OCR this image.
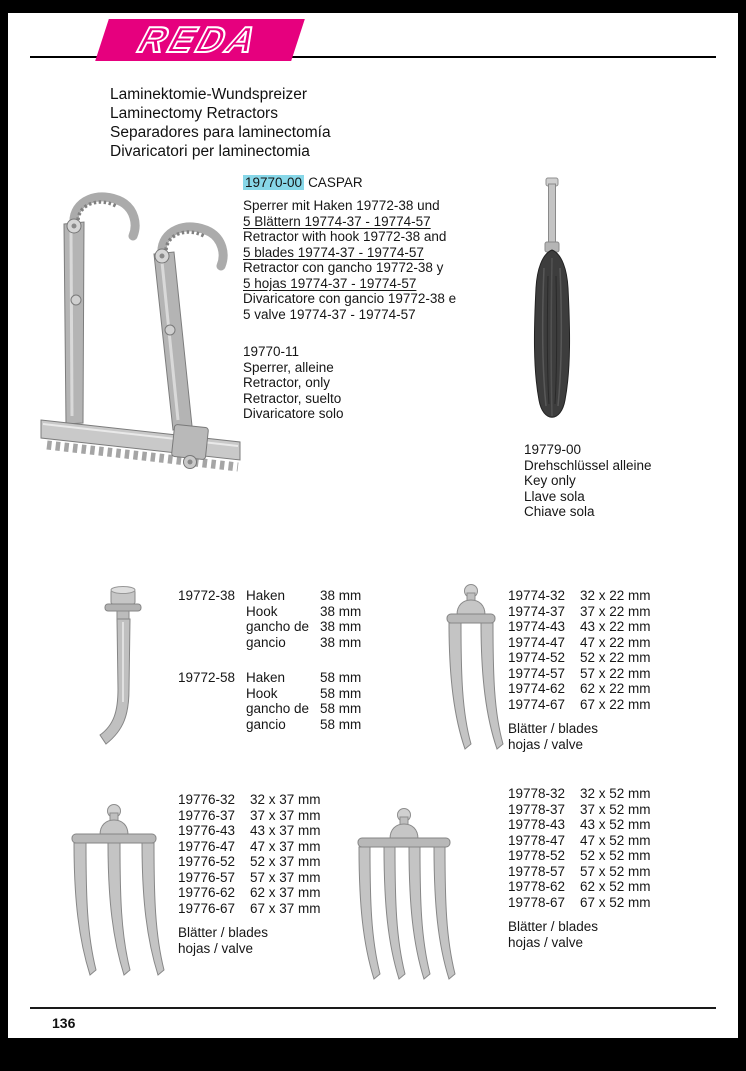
REDA
Laminektomie-Wundspreizer
Laminectomy Retractors
Separadores para laminectomía
Divaricatori per laminectomia
19770-00 CASPAR
Sperrer mit Haken 19772-38 und
5 Blättern 19774-37 - 19774-57
Retractor with hook 19772-38 and
5 blades 19774-37 - 19774-57
Retractor con gancho 19772-38 y
5 hojas 19774-37 - 19774-57
Divaricatore con gancio 19772-38 e
5 valve 19774-37 - 19774-57
19770-11
Sperrer, alleine
Retractor, only
Retractor, suelto
Divaricatore solo
19779-00
Drehschlüssel alleine
Key only
Llave sola
Chiave sola
19772-38 Haken	38 mm
Hook	38 mm
gancho de 38 mm
gancio	38 mm
19772-58 Haken	58 mm
Hook	58 mm
gancho de 58 mm
gancio	58 mm
19774-32	32 x 22 mm
19774-37	37 x 22 mm
19774-43	43 x 22 mm
19774-47	47 x 22 mm
19774-52	52 x 22 mm
19774-57	57 x 22 mm
19774-62	62 x 22 mm
19774-67	67 x 22 mm
Blätter / blades
hojas / valve
19776-32	32 x 37 mm
19776-37	37 x 37 mm
19776-43	43 x 37 mm
19776-47	47 x 37 mm
19776-52	52 x 37 mm
19776-57	57 x 37 mm
19776-62	62 x 37 mm
19776-67	67 x 37 mm
Blätter / blades
hojas / valve
19778-32	32 x 52 mm
19778-37	37 x 52 mm
19778-43	43 x 52 mm
19778-47	47 x 52 mm
19778-52	52 x 52 mm
19778-57	57 x 52 mm
19778-62	62 x 52 mm
19778-67	67 x 52 mm
Blätter / blades
hojas / valve
136
